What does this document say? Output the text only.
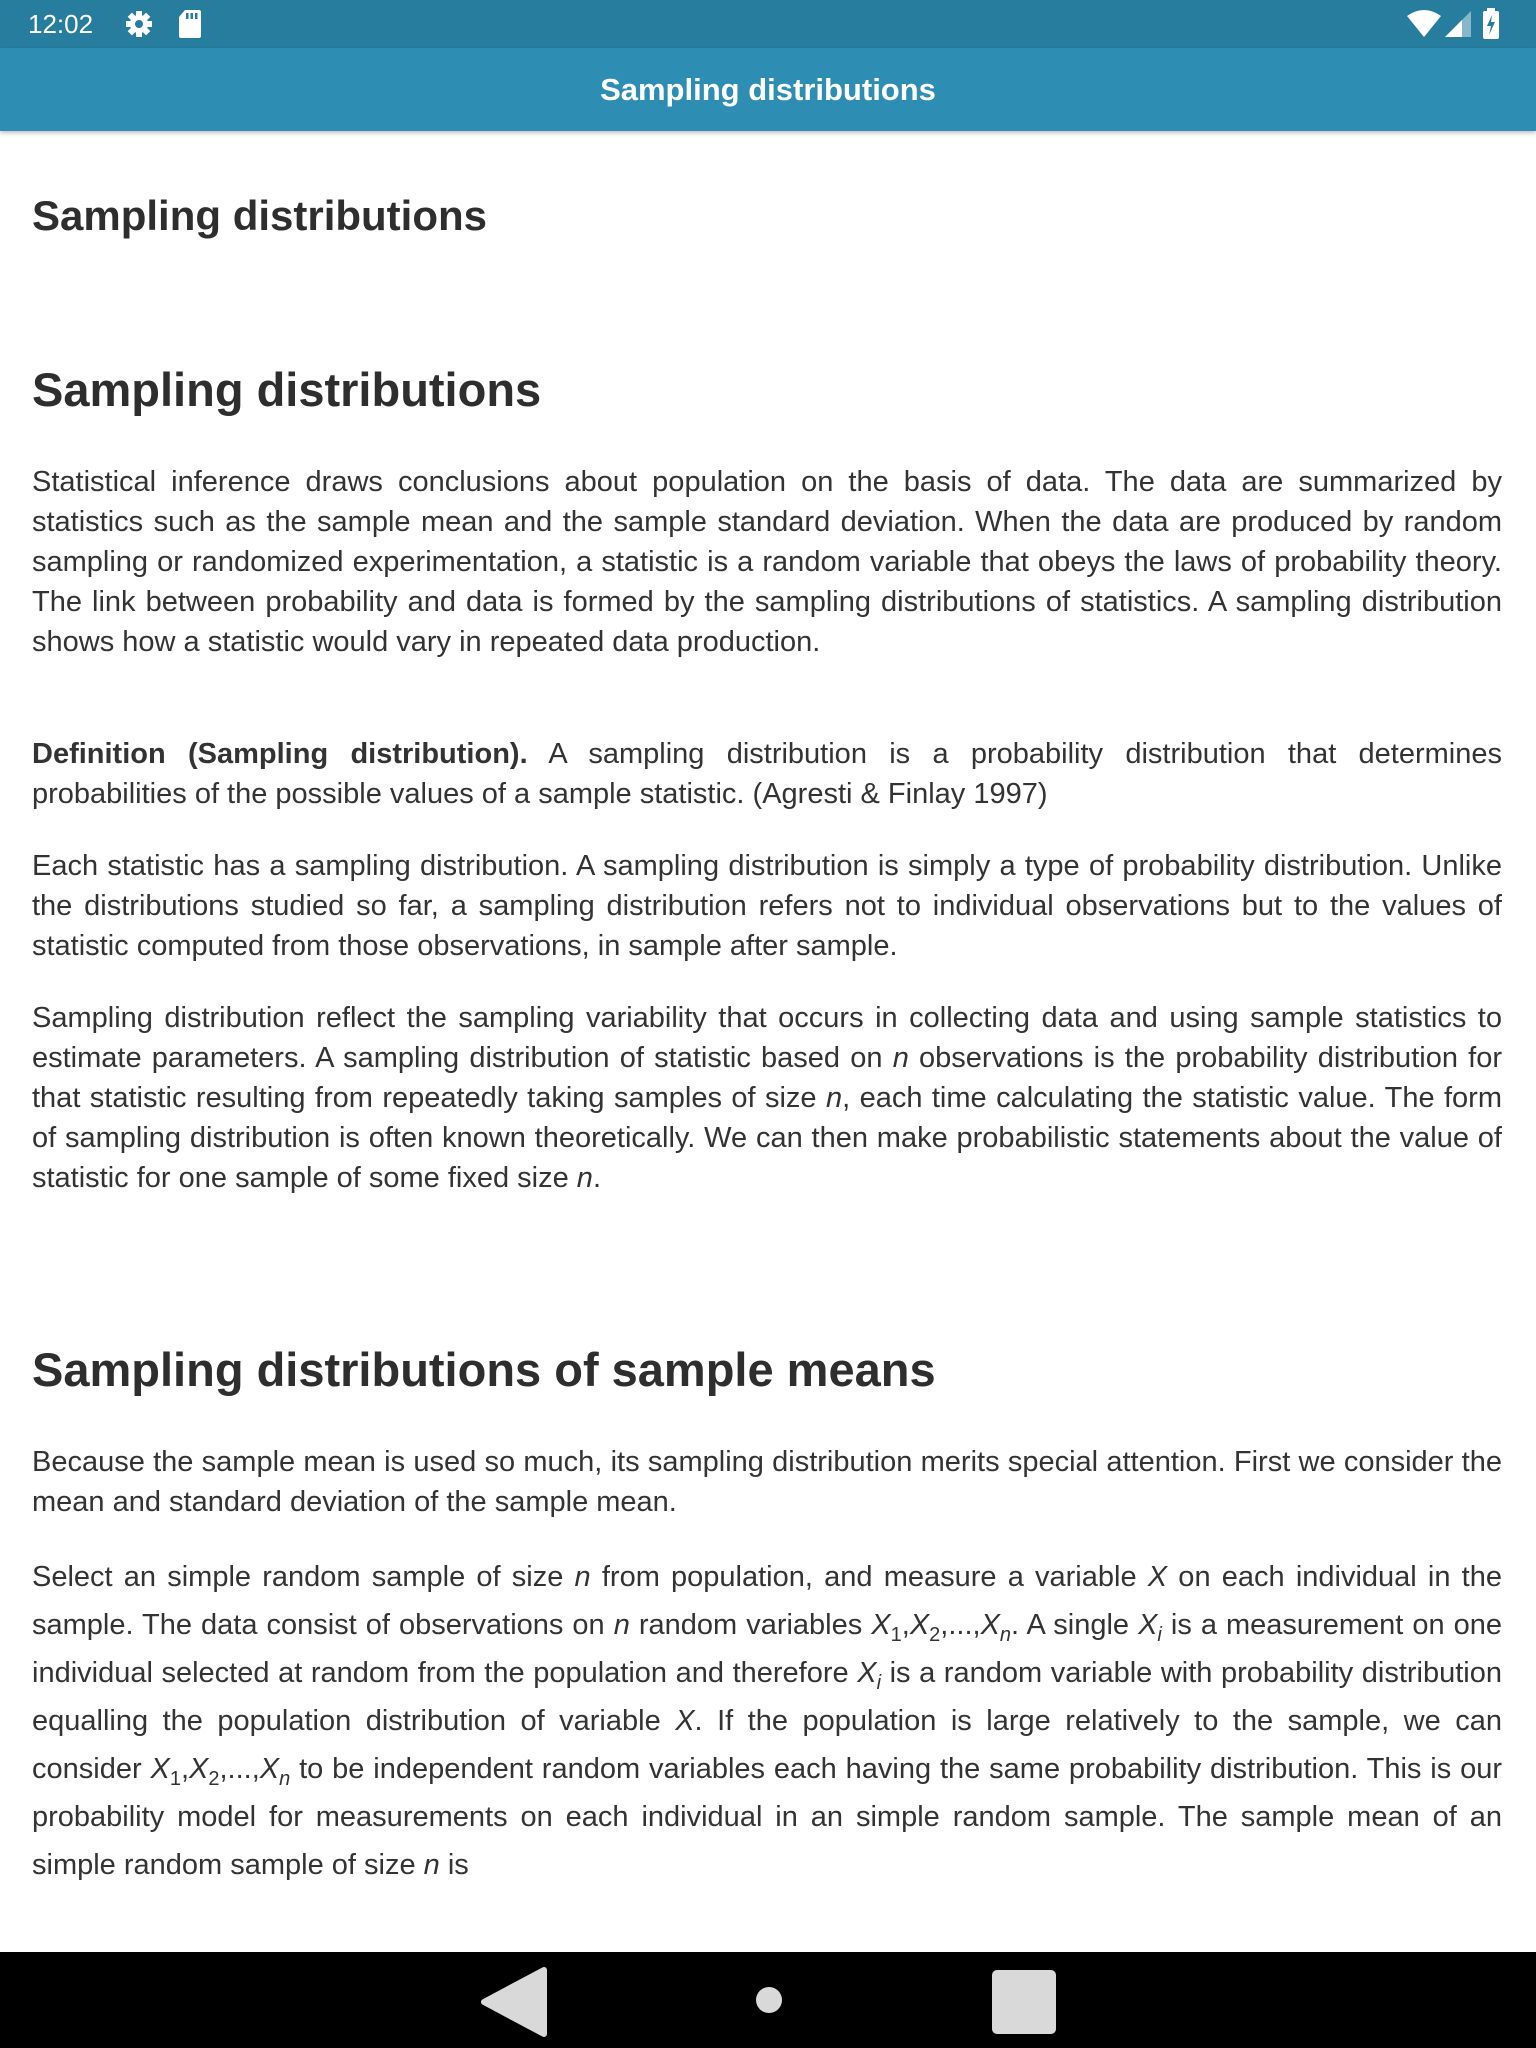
12:02
Sampling distributions
Sampling distributions
Sampling distributions

Statistical inference draws conclusions about population on the basis of data. The data are summarized by statistics such as the sample mean and the sample standard deviation. When the data are produced by random sampling or randomized experimentation, a statistic is a random variable that obeys the laws of probability theory. The link between probability and data is formed by the sampling distributions of statistics. A sampling distribution shows how a statistic would vary in repeated data production.

Definition (Sampling distribution). A sampling distribution is a probability distribution that determines probabilities of the possible values of a sample statistic. (Agresti & Finlay 1997)

Each statistic has a sampling distribution. A sampling distribution is simply a type of probability distribution. Unlike the distributions studied so far, a sampling distribution refers not to individual observations but to the values of statistic computed from those observations, in sample after sample.

Sampling distribution reflect the sampling variability that occurs in collecting data and using sample statistics to estimate parameters. A sampling distribution of statistic based on n observations is the probability distribution for that statistic resulting from repeatedly taking samples of size n, each time calculating the statistic value. The form of sampling distribution is often known theoretically. We can then make probabilistic statements about the value of statistic for one sample of some fixed size n.

Sampling distributions of sample means

Because the sample mean is used so much, its sampling distribution merits special attention. First we consider the mean and standard deviation of the sample mean.

Select an simple random sample of size n from population, and measure a variable X on each individual in the sample. The data consist of observations on n random variables $X_1,X_2,...,X_n$. A single $X_i$ is a measurement on one individual selected at random from the population and therefore $X_i$ is a random variable with probability distribution equalling the population distribution of variable X. If the population is large relatively to the sample, we can consider $X_1,X_2,...,X_n$ to be independent random variables each having the same probability distribution. This is our probability model for measurements on each individual in an simple random sample. The sample mean of an simple random sample of size n is
